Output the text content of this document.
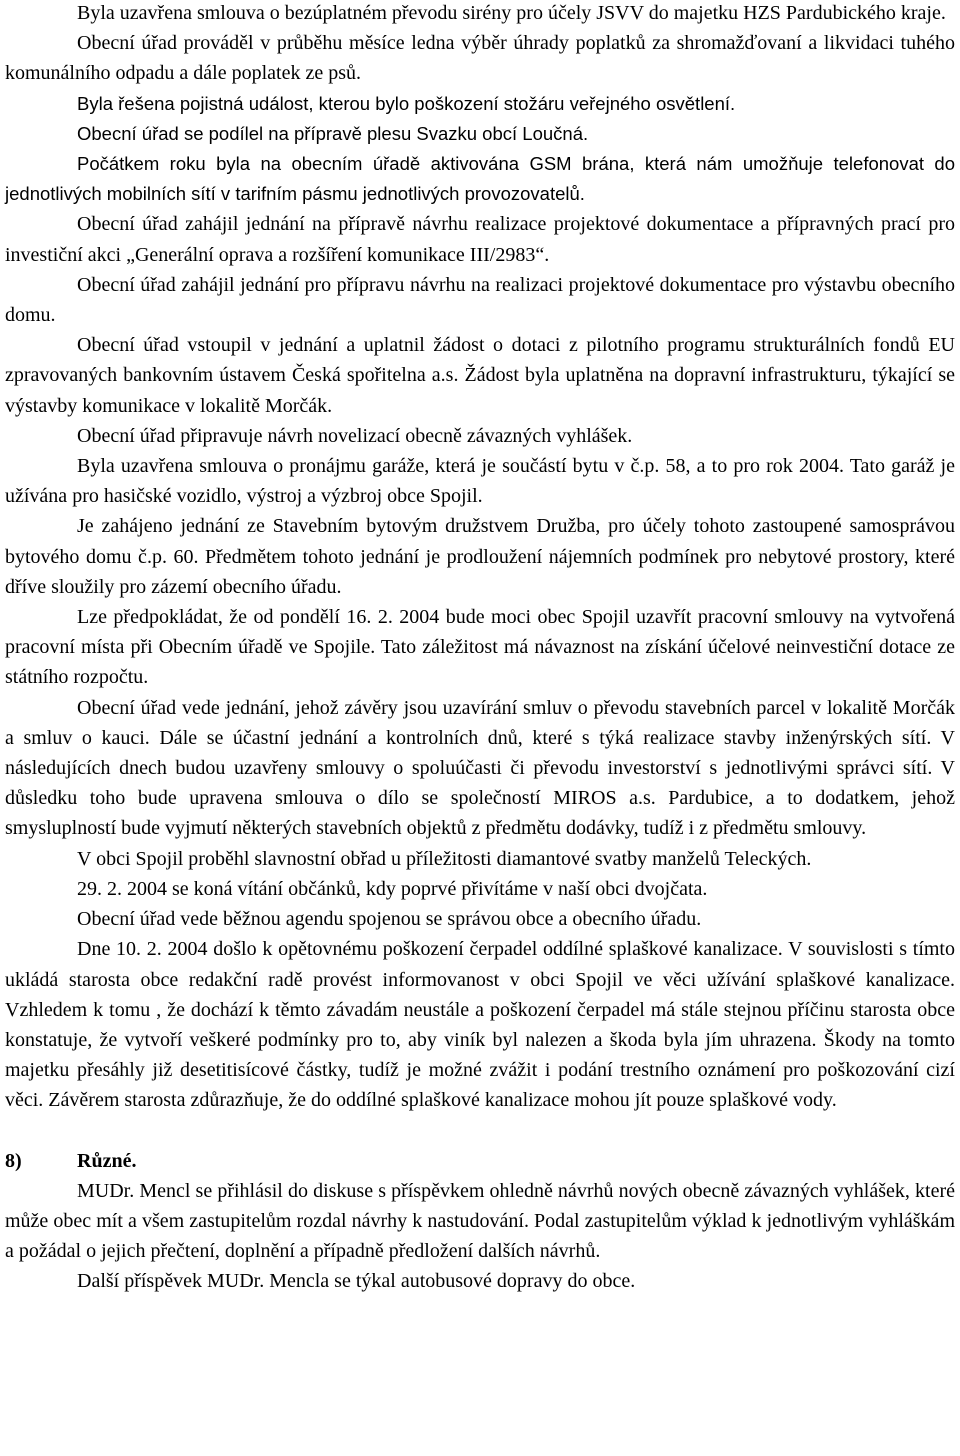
Byla uzavřena smlouva o bezúplatném převodu sirény pro účely JSVV do majetku HZS Pardubického kraje.

Obecní úřad prováděl v průběhu měsíce ledna výběr úhrady poplatků za shromažďovaní a likvidaci tuhého komunálního odpadu a dále poplatek ze psů.

Byla řešena pojistná událost, kterou bylo poškození stožáru veřejného osvětlení.

Obecní úřad se podílel na přípravě plesu Svazku obcí Loučná.

Počátkem roku byla na obecním úřadě aktivována GSM brána, která nám umožňuje telefonovat do jednotlivých mobilních sítí v tarifním pásmu jednotlivých provozovatelů.

Obecní úřad zahájil jednání na přípravě návrhu realizace projektové dokumentace a přípravných prací pro investiční akci „Generální oprava a rozšíření komunikace III/2983“.

Obecní úřad zahájil jednání pro přípravu návrhu na realizaci projektové dokumentace pro výstavbu obecního domu.

Obecní úřad vstoupil v jednání a uplatnil žádost o dotaci z pilotního programu strukturálních fondů EU zpravovaných bankovním ústavem Česká spořitelna a.s. Žádost byla uplatněna na dopravní infrastrukturu, týkající se výstavby komunikace v lokalitě Morčák.

Obecní úřad připravuje návrh novelizací obecně závazných vyhlášek.

Byla uzavřena smlouva o pronájmu garáže, která je součástí bytu v č.p. 58, a to pro rok 2004. Tato garáž je užívána pro hasičské vozidlo, výstroj a výzbroj obce Spojil.

Je zahájeno jednání ze Stavebním bytovým družstvem Družba, pro účely tohoto zastoupené samosprávou bytového domu č.p. 60. Předmětem tohoto jednání je prodloužení nájemních podmínek pro nebytové prostory, které dříve sloužily pro zázemí obecního úřadu.

Lze předpokládat, že od pondělí 16. 2. 2004 bude moci obec Spojil uzavřít pracovní smlouvy na vytvořená pracovní místa při Obecním úřadě ve Spojile. Tato záležitost má návaznost na získání účelové neinvestiční dotace ze státního rozpočtu.

Obecní úřad vede jednání, jehož závěry jsou uzavírání smluv o převodu stavebních parcel v lokalitě Morčák a smluv o kauci. Dále se účastní jednání a kontrolních dnů, které s týká realizace stavby inženýrských sítí. V následujících dnech budou uzavřeny smlouvy o spoluúčasti či převodu investorství s jednotlivými správci sítí. V důsledku toho bude upravena smlouva o dílo se společností MIROS a.s. Pardubice, a to dodatkem, jehož smysluplností bude vyjmutí některých stavebních objektů z předmětu dodávky, tudíž i z předmětu smlouvy.

V obci Spojil proběhl slavnostní obřad u příležitosti diamantové svatby manželů Teleckých.

29. 2. 2004 se koná vítání občánků, kdy poprvé přivítáme v naší obci dvojčata.

Obecní úřad vede běžnou agendu spojenou se správou obce a obecního úřadu.

Dne 10. 2. 2004 došlo k opětovnému poškození čerpadel oddílné splaškové kanalizace. V souvislosti s tímto ukládá starosta obce redakční radě provést informovanost v obci Spojil ve věci užívání splaškové kanalizace. Vzhledem k tomu , že dochází k těmto závadám neustále a poškození čerpadel má stále stejnou příčinu starosta obce konstatuje, že vytvoří veškeré podmínky pro to, aby viník byl nalezen a škoda byla jím uhrazena. Škody na tomto majetku přesáhly již desetitisícové částky, tudíž je možné zvážit i podání trestního oznámení pro poškozování cizí věci. Závěrem starosta zdůrazňuje, že do oddílné splaškové kanalizace mohou jít pouze splaškové vody.

8)	Různé.

MUDr. Mencl se přihlásil do diskuse s příspěvkem ohledně návrhů nových obecně závazných vyhlášek, které může obec mít a všem zastupitelům rozdal návrhy k nastudování. Podal zastupitelům výklad k jednotlivým vyhláškám a požádal o jejich přečtení, doplnění a případně předložení dalších návrhů.

Další příspěvek MUDr. Mencla se týkal autobusové dopravy do obce.
